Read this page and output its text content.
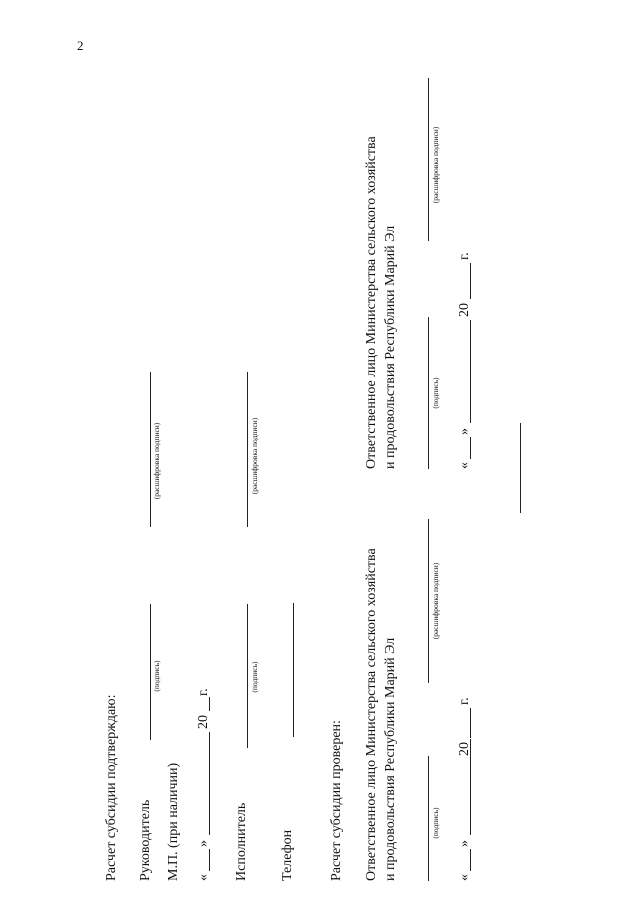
2
Расчет субсидии подтверждаю: Руководитель
(подпись)
(расшифровка подписи)
М.П. (при наличии) «
»
20
г.
Исполнитель
(подпись)
(расшифровка подписи)
Телефон Расчет субсидии проверен: Ответственное лицо Министерства сельского хозяйства и продовольствия Республики Марий Эл	(подпись)
(расшифровка подписи)
«
»
20
г.
Ответственное лицо Министерства сельского хозяйства и продовольствия Республики Марий Эл	(подпись)
(расшифровка подписи)
«
»
20
г.
